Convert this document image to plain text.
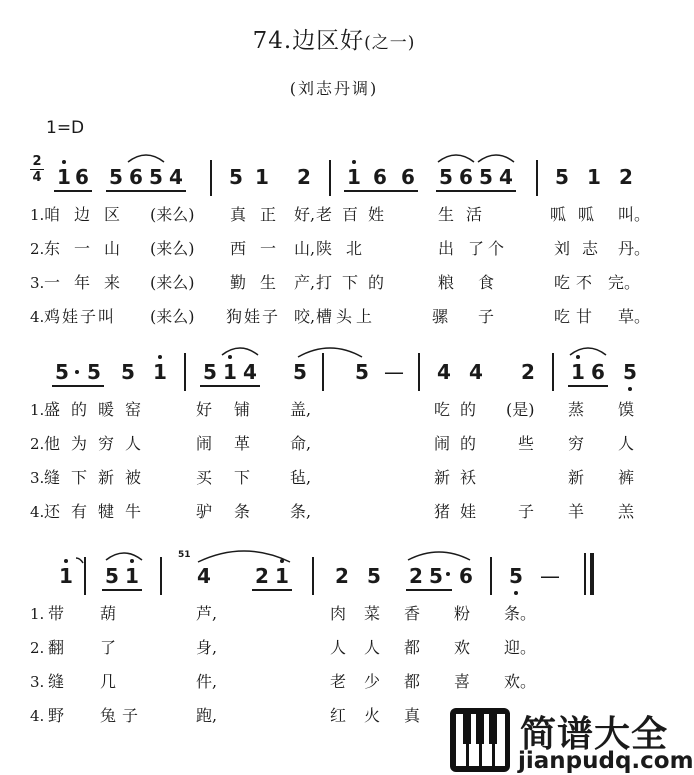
74.边区好(之一)
(刘志丹调)
1=D
2
4 1 6 5 6 5 4 5 1 2 1 6 6 5 6 5 4 5 1 2
1. 咱边区 (来么) 真正 好, 老百姓	生活	呱呱 叫。
2. 东一山 (来么) 西一 山, 陕北	出 了个	刘志 丹。
3. 一年来 (来么) 勤生 产, 打下的	粮 食	吃不 完。
4. 鸡娃子叫 (来么) 狗娃子 咬, 槽头上	骡 子	吃甘 草。
5 5 5 1 5 1 4 5 5 — 4 4 2 1 6 5
1. 盛的暖窑	好铺 盖,	吃的 (是) 蒸 馍
2. 他为穷人	闹革 命,	闹的 些 穷 人
3. 缝下新被	买下 毡,	新袄	新 裤
4. 还有犍牛	驴条 条,	猪娃 子 羊 羔
1 5 1
51
4 2 1 2 5 2 5 6 5 —
1. 带 葫	芦,	肉 菜 香 粉 条。
2. 翻 了	身,	人 人 都 欢 迎。
3. 缝 几	件,	老 少 都 喜 欢。
4. 野 兔子	跑,	红 火 真	简谱大全
jianpudq.com
